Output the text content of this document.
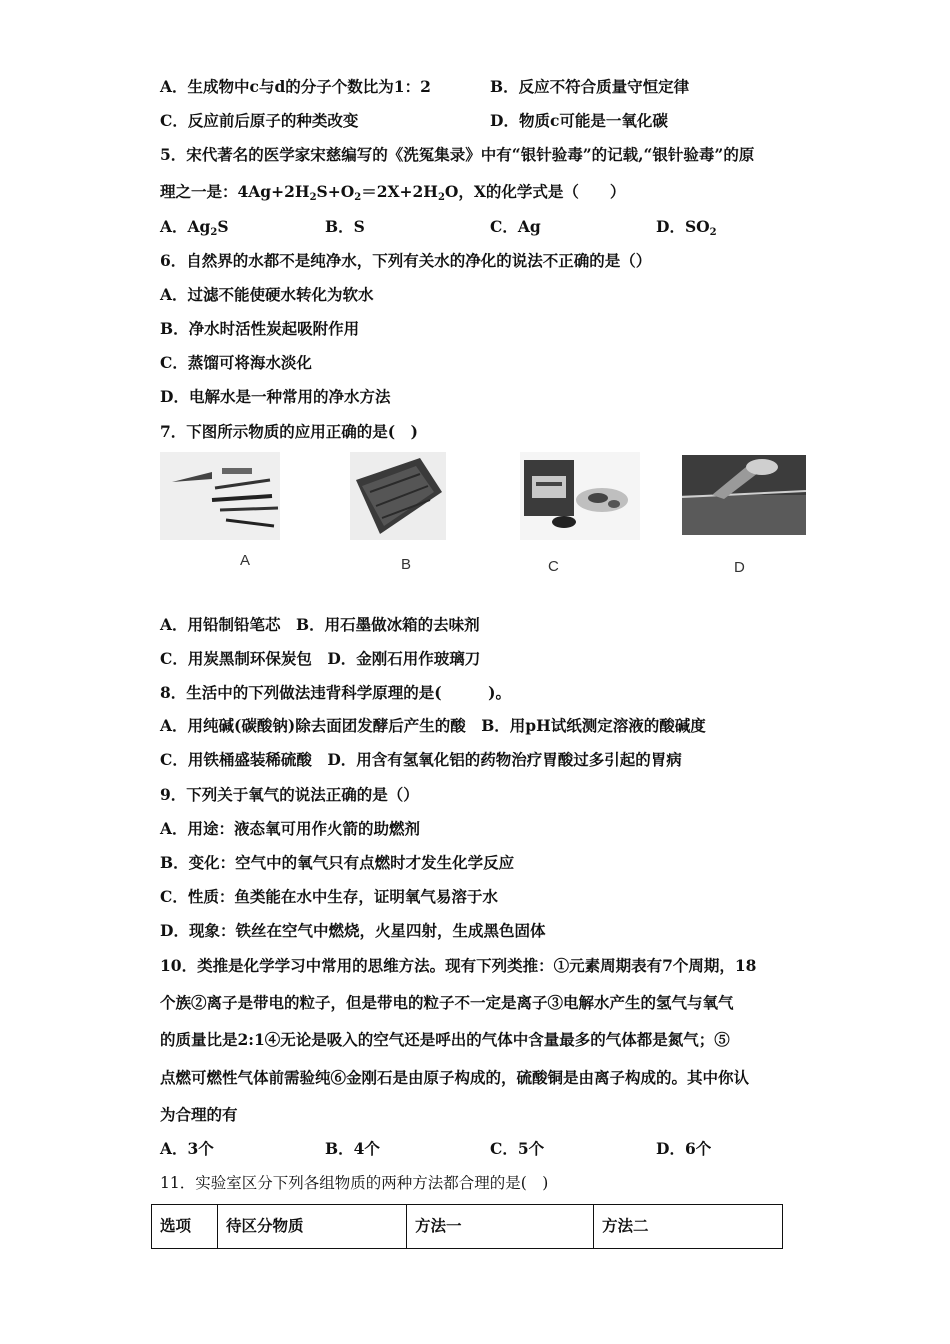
A．生成物中c与d的分子个数比为1：2	B．反应不符合质量守恒定律
C．反应前后原子的种类改变	D．物质c可能是一氧化碳
5．宋代著名的医学家宋慈编写的《洗冤集录》中有“银针验毒”的记载,“银针验毒”的原
理之一是：$4Ag+2H_2S+O_2=2X+2H_2O$，X的化学式是（　　）
A．$Ag_2S$	B．S	C．Ag	D．$SO_2$
6．自然界的水都不是纯净水，下列有关水的净化的说法不正确的是（）
A．过滤不能使硬水转化为软水
B．净水时活性炭起吸附作用
C．蒸馏可将海水淡化
D．电解水是一种常用的净水方法
7．下图所示物质的应用正确的是(　)
A	B	C	D
A．用铅制铅笔芯　B．用石墨做冰箱的去味剂
C．用炭黑制环保炭包　D．金刚石用作玻璃刀
8．生活中的下列做法违背科学原理的是(　　　)。
A．用纯碱(碳酸钠)除去面团发酵后产生的酸　B．用pH试纸测定溶液的酸碱度
C．用铁桶盛装稀硫酸　D．用含有氢氧化铝的药物治疗胃酸过多引起的胃病
9．下列关于氧气的说法正确的是（）
A．用途：液态氧可用作火箭的助燃剂
B．变化：空气中的氧气只有点燃时才发生化学反应
C．性质：鱼类能在水中生存，证明氧气易溶于水
D．现象：铁丝在空气中燃烧，火星四射，生成黑色固体
10．类推是化学学习中常用的思维方法。现有下列类推：①元素周期表有7个周期，18
个族②离子是带电的粒子，但是带电的粒子不一定是离子③电解水产生的氢气与氧气
的质量比是2:1④无论是吸入的空气还是呼出的气体中含量最多的气体都是氮气；⑤
点燃可燃性气体前需验纯⑥金刚石是由原子构成的，硫酸铜是由离子构成的。其中你认
为合理的有
A．3个	B．4个	C．5个	D．6个
11．实验室区分下列各组物质的两种方法都合理的是(　)
选项	待区分物质	方法一	方法二
